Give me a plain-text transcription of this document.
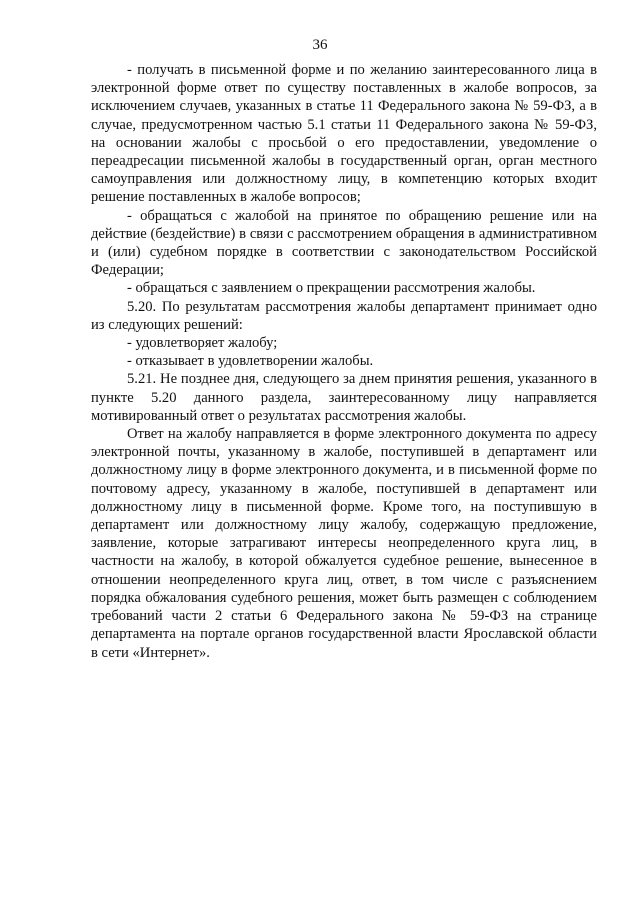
36

- получать в письменной форме и по желанию заинтересованного лица в электронной форме ответ по существу поставленных в жалобе вопросов, за исключением случаев, указанных в статье 11 Федерального закона № 59-ФЗ, а в случае, предусмотренном частью 5.1 статьи 11 Федерального закона № 59-ФЗ, на основании жалобы с просьбой о его предоставлении, уведомление о переадресации письменной жалобы в государственный орган, орган местного самоуправления или должностному лицу, в компетенцию которых входит решение поставленных в жалобе вопросов;

- обращаться с жалобой на принятое по обращению решение или на действие (бездействие) в связи с рассмотрением обращения в административном и (или) судебном порядке в соответствии с законодательством Российской Федерации;

- обращаться с заявлением о прекращении рассмотрения жалобы.

5.20. По результатам рассмотрения жалобы департамент принимает одно из следующих решений:

- удовлетворяет жалобу;

- отказывает в удовлетворении жалобы.

5.21. Не позднее дня, следующего за днем принятия решения, указанного в пункте 5.20 данного раздела, заинтересованному лицу направляется мотивированный ответ о результатах рассмотрения жалобы.

Ответ на жалобу направляется в форме электронного документа по адресу электронной почты, указанному в жалобе, поступившей в департамент или должностному лицу в форме электронного документа, и в письменной форме по почтовому адресу, указанному в жалобе, поступившей в департамент или должностному лицу в письменной форме. Кроме того, на поступившую в департамент или должностному лицу жалобу, содержащую предложение, заявление, которые затрагивают интересы неопределенного круга лиц, в частности на жалобу, в которой обжалуется судебное решение, вынесенное в отношении неопределенного круга лиц, ответ, в том числе с разъяснением порядка обжалования судебного решения, может быть размещен с соблюдением требований части 2 статьи 6 Федерального закона № 59-ФЗ на странице департамента на портале органов государственной власти Ярославской области в сети «Интернет».
